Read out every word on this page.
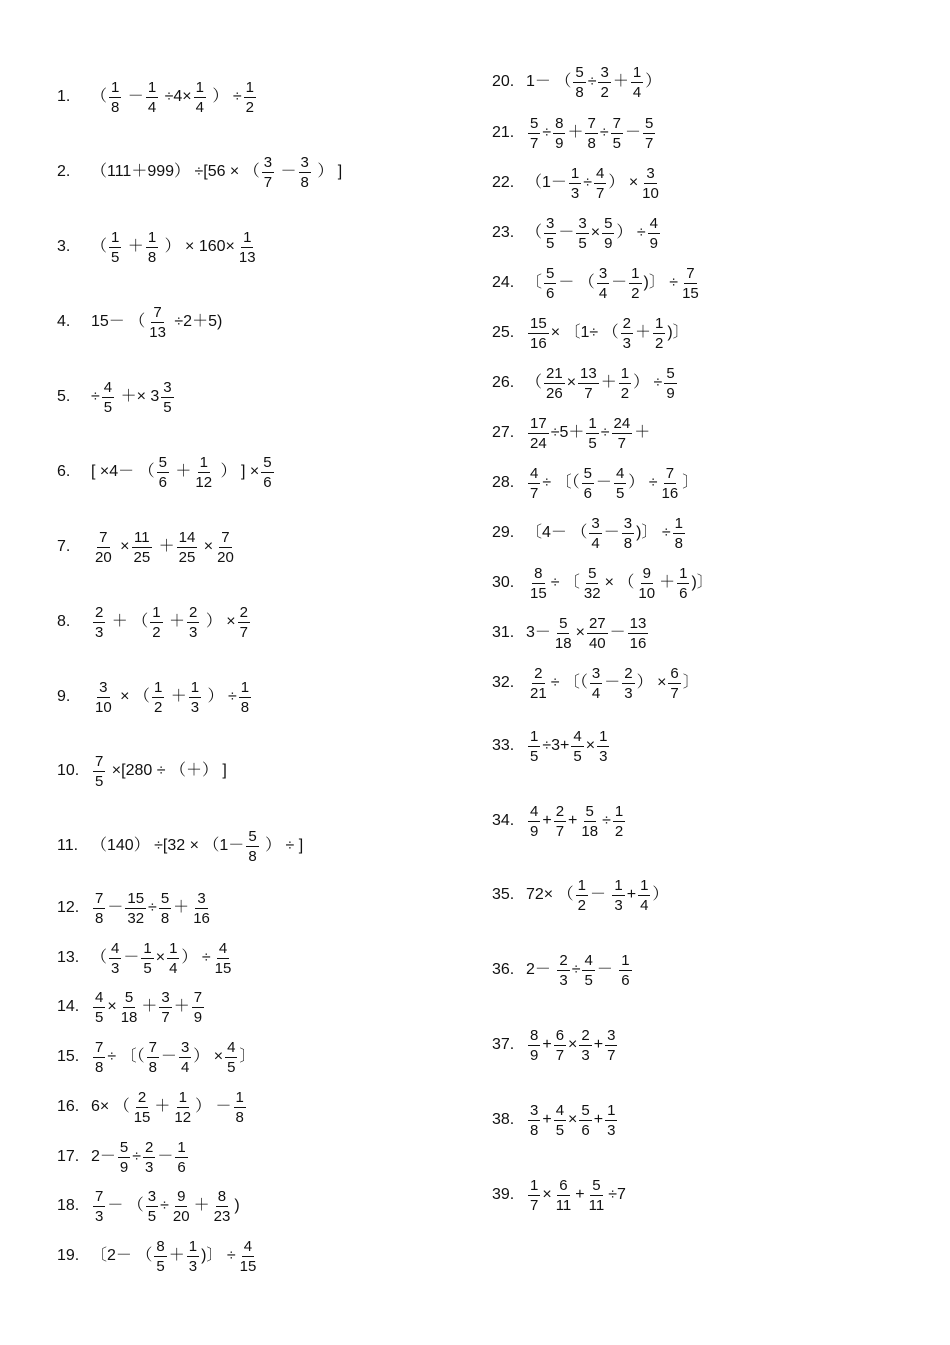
1.	（ $\frac{1}{8} - \frac{1}{4} \div 4\times \frac{1}{4}$ ） ÷ $\frac{1}{2}$
2.	（111＋999） ÷[56 × （ $\frac{3}{7} - \frac{3}{8}$ ） ]
3.	（ $\frac{1}{5} + \frac{1}{8}$ ） × $160\times \frac{1}{13}$
4.	15－ （ $\frac{7}{13} \div 2+5$)
5.	÷ $\frac{4}{5} +\times 3 \frac{3}{5}$
6.	[ ×4－ （ $\frac{5}{6} + \frac{1}{12}$ ） ] × $\frac{5}{6}$
7.	$\frac{7}{20} \times \frac{11}{25} + \frac{14}{25} \times \frac{7}{20}$
8.	$\frac{2}{3}$ ＋ （ $\frac{1}{2} + \frac{2}{3}$ ） × $\frac{2}{7}$
9.	$\frac{3}{10}$ × （ $\frac{1}{2} + \frac{1}{3}$ ） ÷ $\frac{1}{8}$
10. $\frac{7}{5} \times[280$ ÷ （＋） ]
11. $(140) \div[32 \times (1- \frac{5}{8}$ ） ÷ ]
12. $\frac{7}{8} - \frac{15}{32} \div \frac{5}{8} + \frac{3}{16}$
13. （ $\frac{4}{3} - \frac{1}{5} \times \frac{1}{4}$ ） ÷ $\frac{4}{15}$
14. $\frac{4}{5} \times \frac{5}{18} + \frac{3}{7} + \frac{7}{9}$
15. $\frac{7}{8}$ ÷ 〔（ $\frac{7}{8} - \frac{3}{4}$ ） × $\frac{4}{5}$ 〕
16. 6× （ $\frac{2}{15} + \frac{1}{12}$ ） － $\frac{1}{8}$
17. $2- \frac{5}{9} \div \frac{2}{3} - \frac{1}{6}$
18. $\frac{7}{3}$ － （ $\frac{3}{5} \div \frac{9}{20} + \frac{8}{23}$ )
19. 〔2－ （ $\frac{8}{5} + \frac{1}{3}$ )〕 ÷ $\frac{4}{15}$
20. 1－ （ $\frac{5}{8} \div \frac{3}{2} + \frac{1}{4}$ ）
21. $\frac{5}{7} \div \frac{8}{9} + \frac{7}{8} \div \frac{7}{5} - \frac{5}{7}$
22. （$1- \frac{1}{3} \div \frac{4}{7}$ ） × $\frac{3}{10}$
23. （ $\frac{3}{5} - \frac{3}{5} \times \frac{5}{9}$ ） ÷ $\frac{4}{9}$
24. 〔 $\frac{5}{6}$ － （ $\frac{3}{4} - \frac{1}{2}$ )〕 ÷ $\frac{7}{15}$
25. $\frac{15}{16}$ × 〔1÷ （ $\frac{2}{3} + \frac{1}{2}$ )〕
26. （ $\frac{21}{26} \times \frac{13}{7} + \frac{1}{2}$ ） ÷ $\frac{5}{9}$
27. $\frac{17}{24} \div 5+ \frac{1}{5} \div \frac{24}{7}$ ＋
28. $\frac{4}{7}$ ÷ 〔（ $\frac{5}{6} - \frac{4}{5}$ ） ÷ $\frac{7}{16}$ 〕
29. 〔4－ （ $\frac{3}{4} - \frac{3}{8}$ )〕 ÷ $\frac{1}{8}$
30. $\frac{8}{15}$ ÷ 〔 $\frac{5}{32}$ × （ $\frac{9}{10} + \frac{1}{6}$ )〕
31. $3- \frac{5}{18} \times \frac{27}{40} - \frac{13}{16}$
32. $\frac{2}{21}$ ÷ 〔（ $\frac{3}{4} - \frac{2}{3}$ ） × $\frac{6}{7}$ 〕
33. $\frac{1}{5} \div 3+ \frac{4}{5} \times \frac{1}{3}$
34. $\frac{4}{9} + \frac{2}{7} + \frac{5}{18} \div \frac{1}{2}$
35. 72× （ $\frac{1}{2} - \frac{1}{3} + \frac{1}{4}$ ）
36. $2- \frac{2}{3} \div \frac{4}{5} - \frac{1}{6}$
37. $\frac{8}{9} + \frac{6}{7} \times \frac{2}{3} + \frac{3}{7}$
38. $\frac{3}{8} + \frac{4}{5} \times \frac{5}{6} + \frac{1}{3}$
39. $\frac{1}{7} \times \frac{6}{11} + \frac{5}{11} \div 7$
